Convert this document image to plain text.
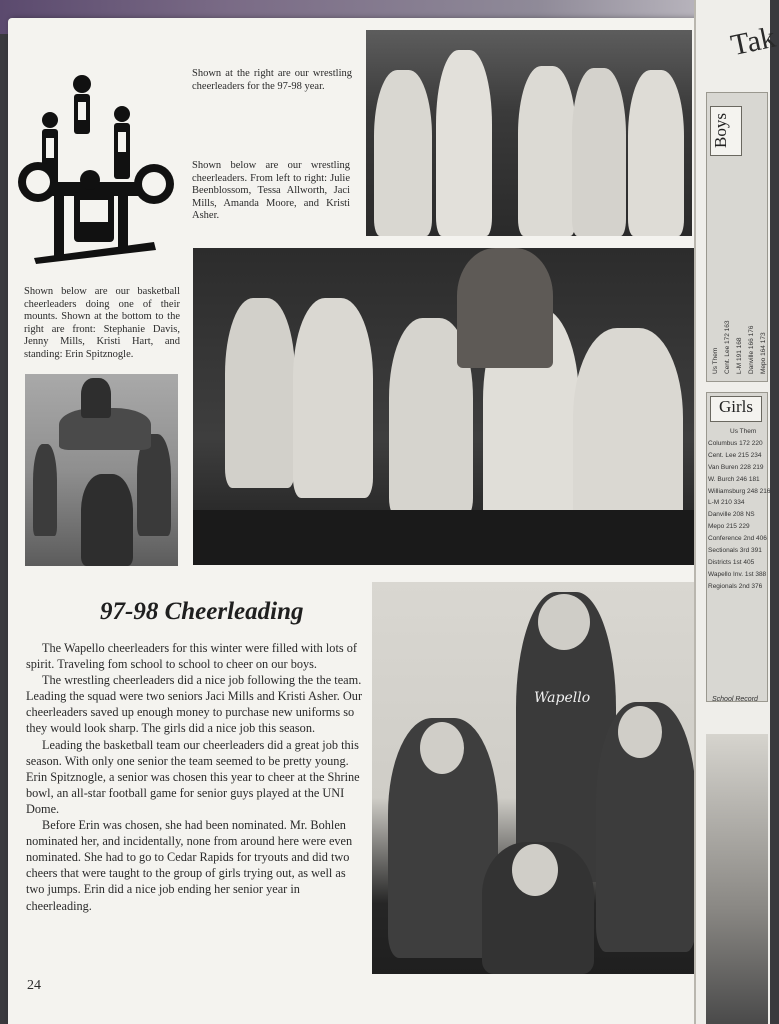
Shown at the right are our wrestling cheerleaders for the 97-98 year.
Shown below are our wrestling cheerleaders. From left to right: Julie Beenblossom, Tessa Allworth, Jaci Mills, Amanda Moore, and Kristi Asher.
Shown below are our basketball cheerleaders doing one of their mounts. Shown at the bottom to the right are front: Stephanie Davis, Jenny Mills, Kristi Hart, and standing: Erin Spitznogle.
97-98 Cheerleading

The Wapello cheerleaders for this winter were filled with lots of spirit. Traveling fom school to school to cheer on our boys.

The wrestling cheerleaders did a nice job following the the team. Leading the squad were two seniors Jaci Mills and Kristi Asher. Our cheerleaders saved up enough money to purchase new uniforms so they would look sharp. The girls did a nice job this season.

Leading the basketball team our cheerleaders did a great job this season. With only one senior the team seemed to be pretty young. Erin Spitznogle, a senior was chosen this year to cheer at the Shrine bowl, an all-star football game for senior guys played at the UNI Dome.

Before Erin was chosen, she had been nominated. Mr. Bohlen nominated her, and incidentally, none from around here were even nominated. She had to go to Cedar Rapids for tryouts and did two cheers that were taught to the group of girls trying out, as well as two jumps. Erin did a nice job ending her senior year in cheerleading.

Wapello
24
Tak
Boys
Us Them Cent. Lee 172 163 L-M 191 168 Danville 166 176 Mepo 164 173
Girls
Us Them
Columbus 172 220
Cent. Lee 215 234
Van Buren 228 219
W. Burch 246 181
Williamsburg 248 216
L-M 210 334
Danville 208 NS
Mepo 215 229
Conference 2nd 406
Sectionals 3rd 391
Districts 1st 405
Wapello Inv. 1st 388
Regionals 2nd 376
School Record
